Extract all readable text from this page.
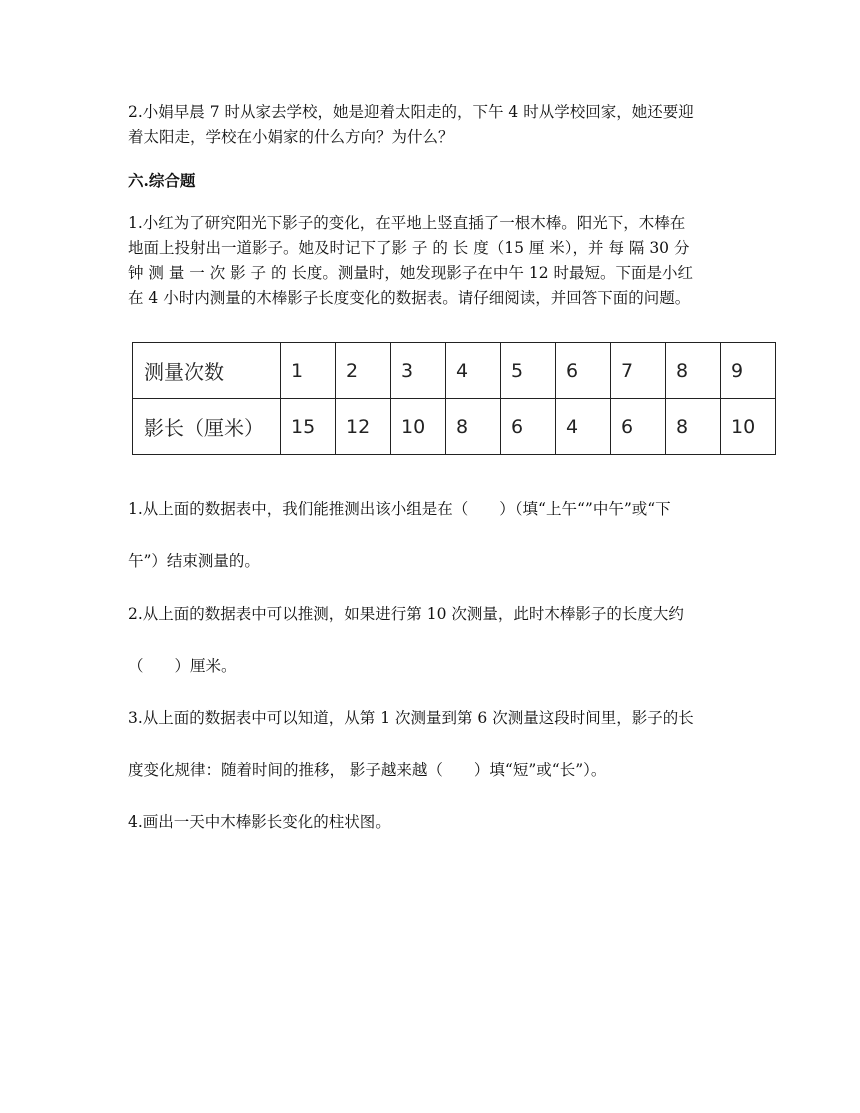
2.小娟早晨 7 时从家去学校，她是迎着太阳走的，下午 4 时从学校回家，她还要迎
着太阳走，学校在小娟家的什么方向？为什么？
六.综合题
1.小红为了研究阳光下影子的变化，在平地上竖直插了一根木棒。阳光下，木棒在
地面上投射出一道影子。她及时记下了影 子 的 长 度（15 厘 米），并 每 隔 30 分
钟 测 量 一 次 影 子 的 长度。测量时，她发现影子在中午 12 时最短。下面是小红
在 4 小时内测量的木棒影子长度变化的数据表。请仔细阅读，并回答下面的问题。
测量次数	1	2	3	4	5	6	7	8	9
影长（厘米）	15	12	10	8	6	4	6	8	10
1.从上面的数据表中，我们能推测出该小组是在（　　）（填“上午“”中午”或“下
午”）结束测量的。
2.从上面的数据表中可以推测，如果进行第 10 次测量，此时木棒影子的长度大约
（　　）厘米。
3.从上面的数据表中可以知道，从第 1 次测量到第 6 次测量这段时间里，影子的长
度变化规律：随着时间的推移， 影子越来越（　　）填“短”或“长”）。
4.画出一天中木棒影长变化的柱状图。
